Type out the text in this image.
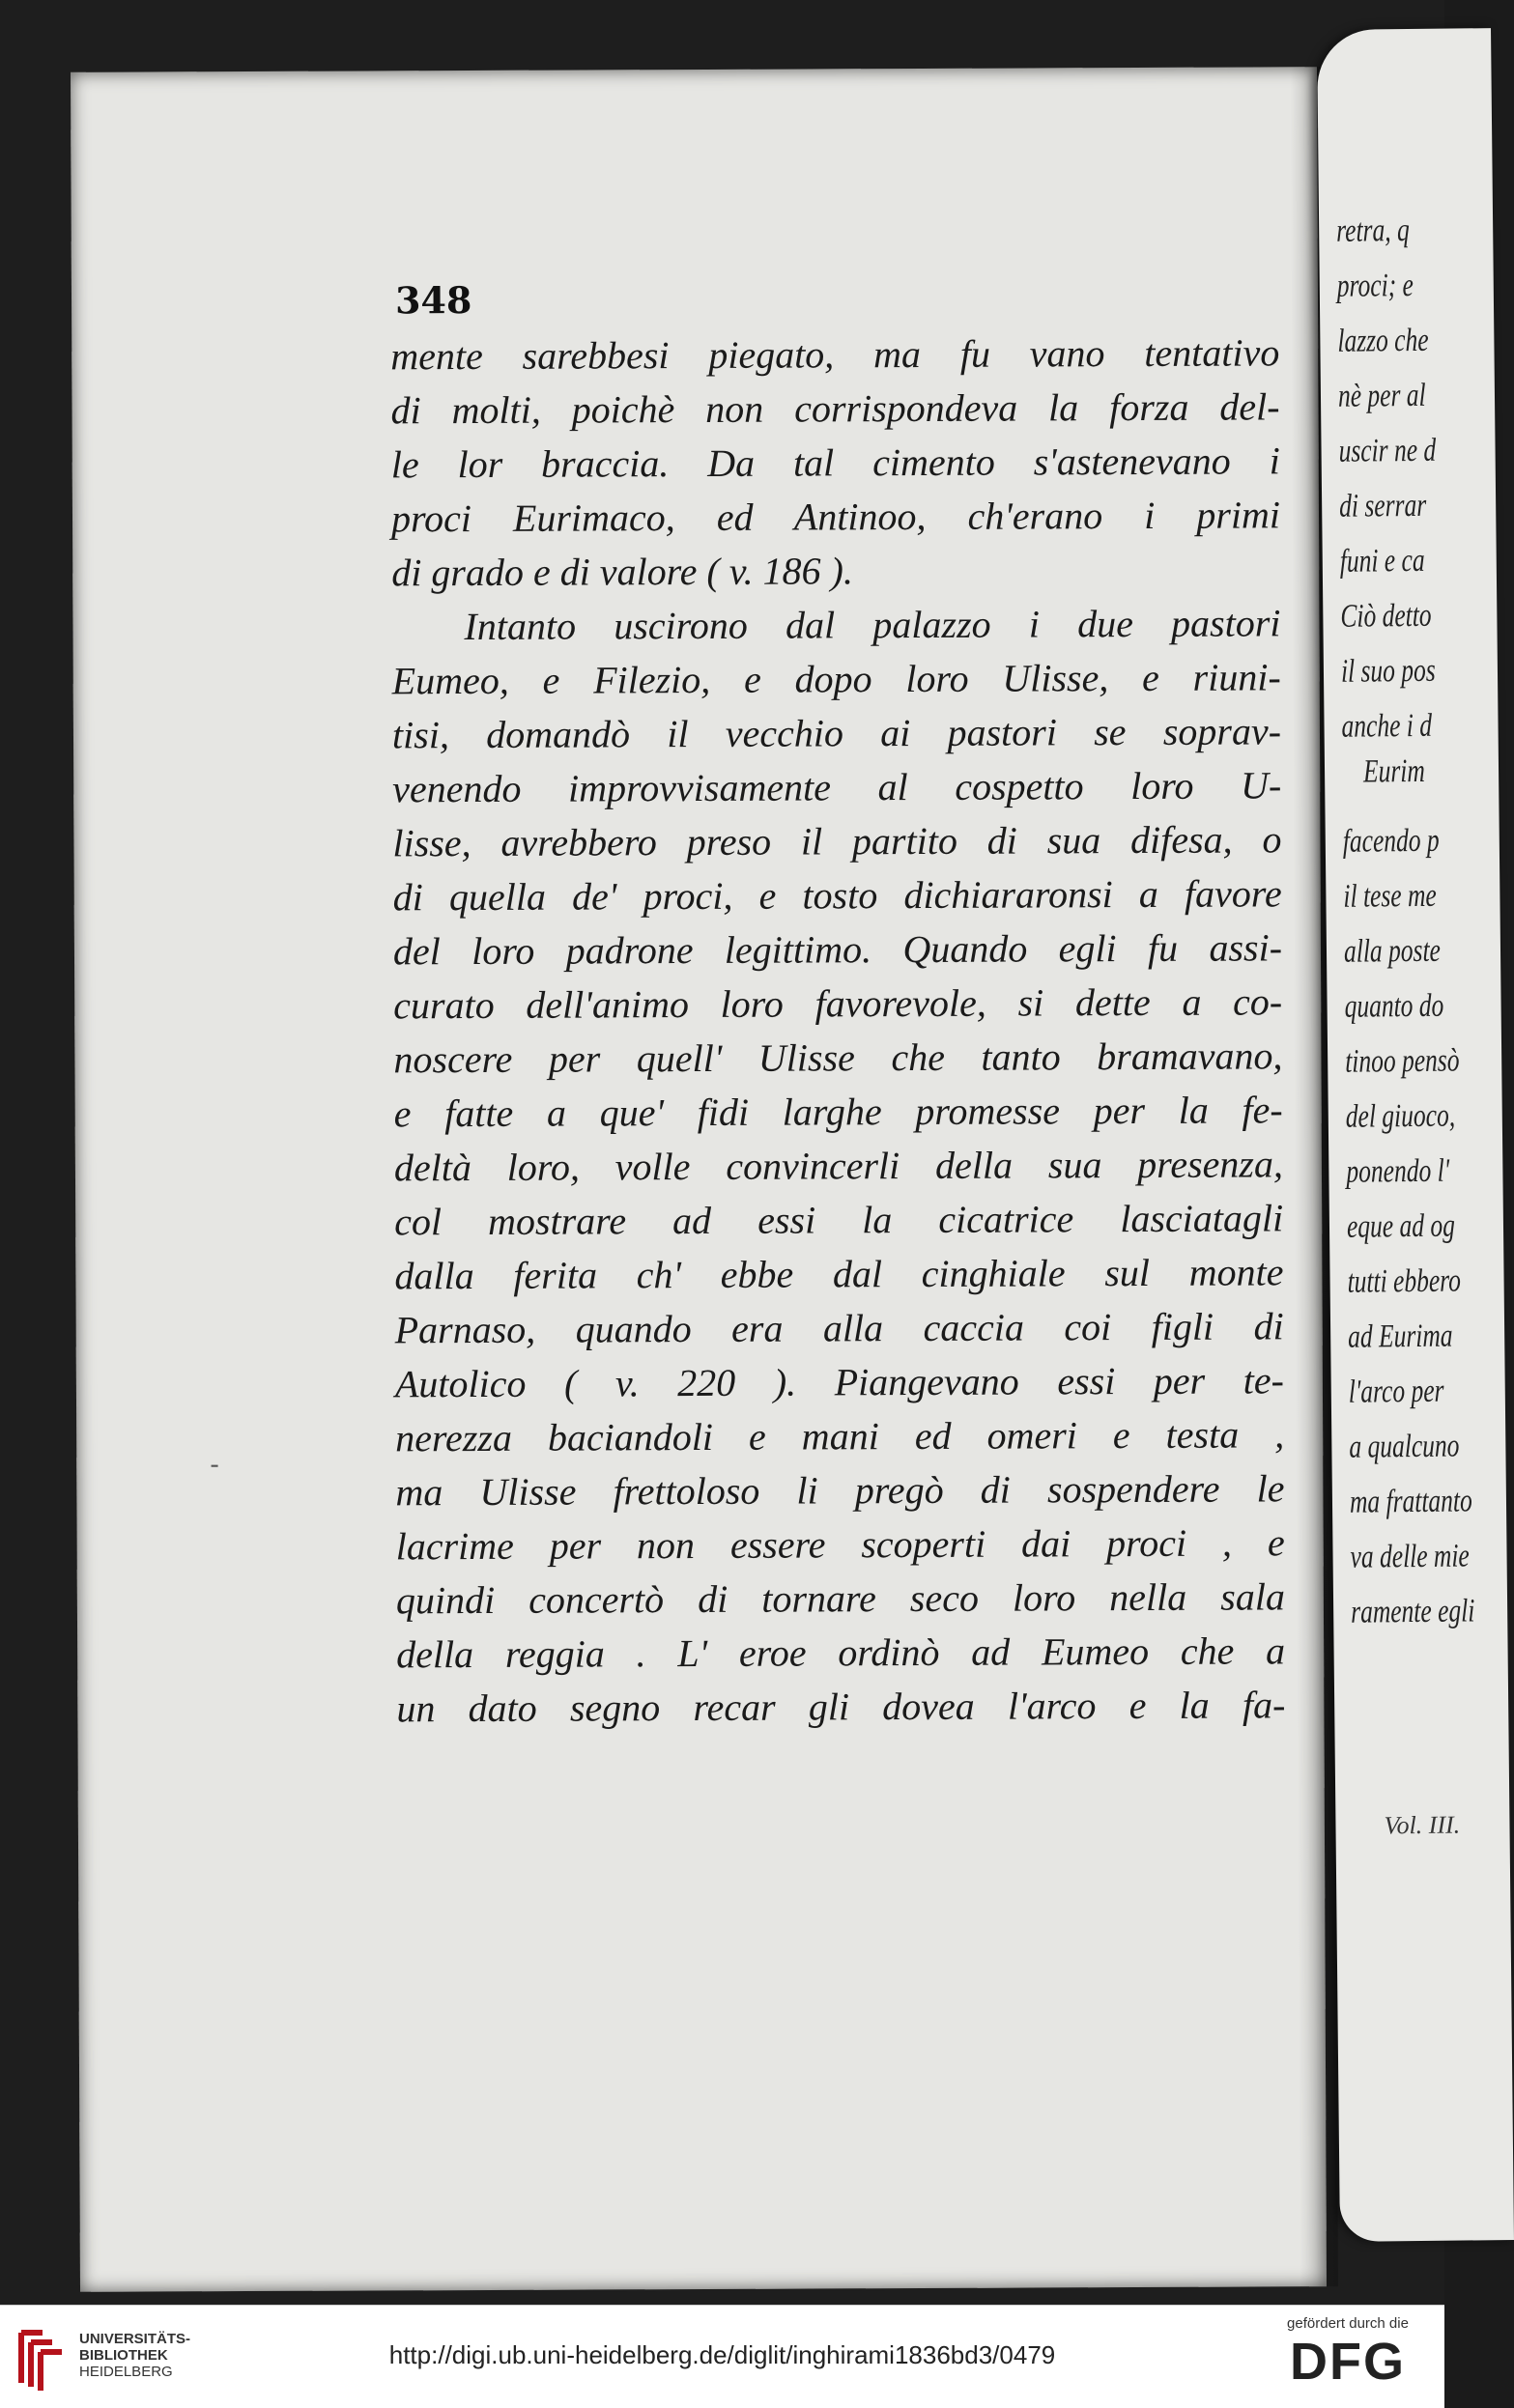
348
mente sarebbesi piegato, ma fu vano tentativo
di molti, poichè non corrispondeva la forza del-
le lor braccia. Da tal cimento s'astenevano i
proci Eurimaco, ed Antinoo, ch'erano i primi
di grado e di valore ( v. 186 ).
Intanto uscirono dal palazzo i due pastori
Eumeo, e Filezio, e dopo loro Ulisse, e riuni-
tisi, domandò il vecchio ai pastori se soprav-
venendo improvvisamente al cospetto loro U-
lisse, avrebbero preso il partito di sua difesa, o
di quella de' proci, e tosto dichiararonsi a favore
del loro padrone legittimo. Quando egli fu assi-
curato dell'animo loro favorevole, si dette a co-
noscere per quell' Ulisse che tanto bramavano,
e fatte a que' fidi larghe promesse per la fe-
deltà loro, volle convincerli della sua presenza,
col mostrare ad essi la cicatrice lasciatagli
dalla ferita ch' ebbe dal cinghiale sul monte
Parnaso, quando era alla caccia coi figli di
Autolico ( v. 220 ). Piangevano essi per te-
nerezza baciandoli e mani ed omeri e testa ,
ma Ulisse frettoloso li pregò di sospendere le
lacrime per non essere scoperti dai proci , e
quindi concertò di tornare seco loro nella sala
della reggia . L' eroe ordinò ad Eumeo che a
un dato segno recar gli dovea l'arco e la fa-
-
Vol. III.
retra, q
proci; e
lazzo che
nè per al
uscir ne d
di serrar
funi e ca
Ciò detto
il suo pos
anche i d
Eurim
facendo p
il tese me
alla poste
quanto do
tinoo pensò
del giuoco,
ponendo l'
eque ad og
tutti ebbero
ad Eurima
l'arco per
a qualcuno
ma frattanto
va delle mie
ramente egli
UNIVERSITÄTS-
BIBLIOTHEK
HEIDELBERG
http://digi.ub.uni-heidelberg.de/diglit/inghirami1836bd3/0479
gefördert durch die
DFG
